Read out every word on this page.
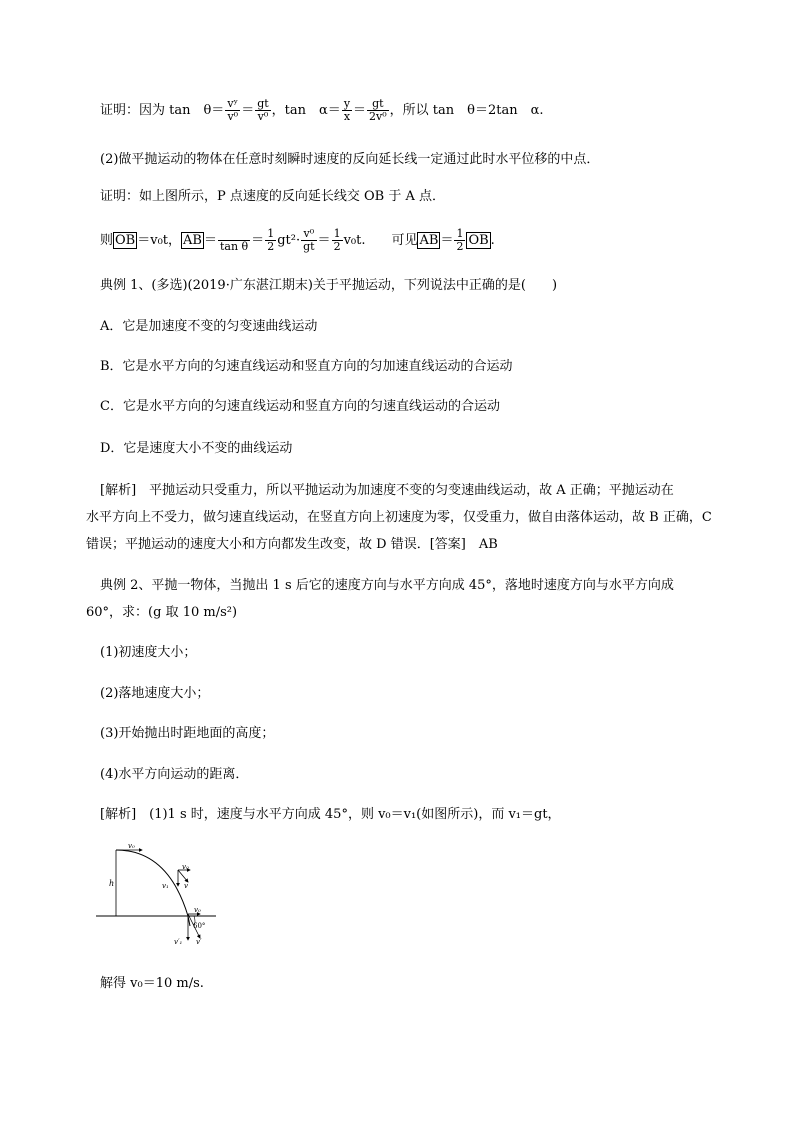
证明：因为 tan　$\theta= \frac{\text{vʸ}}{\text{v⁰}} = \frac{gt}{\text{v⁰}}$ ，tan　$\alpha= \frac{y}{x} = \frac{gt}{\text{2v⁰}}$ ，所以 tan　θ＝2tan　α.
(2)做平抛运动的物体在任意时刻瞬时速度的反向延长线一定通过此时水平位移的中点．
证明：如上图所示，P 点速度的反向延长线交 OB 于 A 点．
则 OB ＝v₀t， AB ＝ $\tan \theta = \frac{1}{2} gt^2\cdot \frac{\text{v⁰}}{gt} = \frac{1}{2} v_0t$.　　可见 AB ＝ $\frac{1}{2}$ OB .
典例 1、(多选)(2019·广东湛江期末)关于平抛运动，下列说法中正确的是(　　)
A．它是加速度不变的匀变速曲线运动
B．它是水平方向的匀速直线运动和竖直方向的匀加速直线运动的合运动
C．它是水平方向的匀速直线运动和竖直方向的匀速直线运动的合运动
D．它是速度大小不变的曲线运动
[解析]　平抛运动只受重力，所以平抛运动为加速度不变的匀变速曲线运动，故 A 正确；平抛运动在
水平方向上不受力，做匀速直线运动，在竖直方向上初速度为零，仅受重力，做自由落体运动，故 B 正确，C
错误；平抛运动的速度大小和方向都发生改变，故 D 错误．[答案]　AB
典例 2、平抛一物体，当抛出 1 s 后它的速度方向与水平方向成 45°，落地时速度方向与水平方向成
60°，求：(g 取 10 m/s²)
(1)初速度大小；
(2)落地速度大小；
(3)开始抛出时距地面的高度；
(4)水平方向运动的距离．
[解析]　(1)1 s 时，速度与水平方向成 45°，则 v₀＝v₁(如图所示)，而 v₁＝gt，
v₀
h
v₀
v₁ v
v₀
60°
v′₁ v′
解得 v₀＝10 m/s.
